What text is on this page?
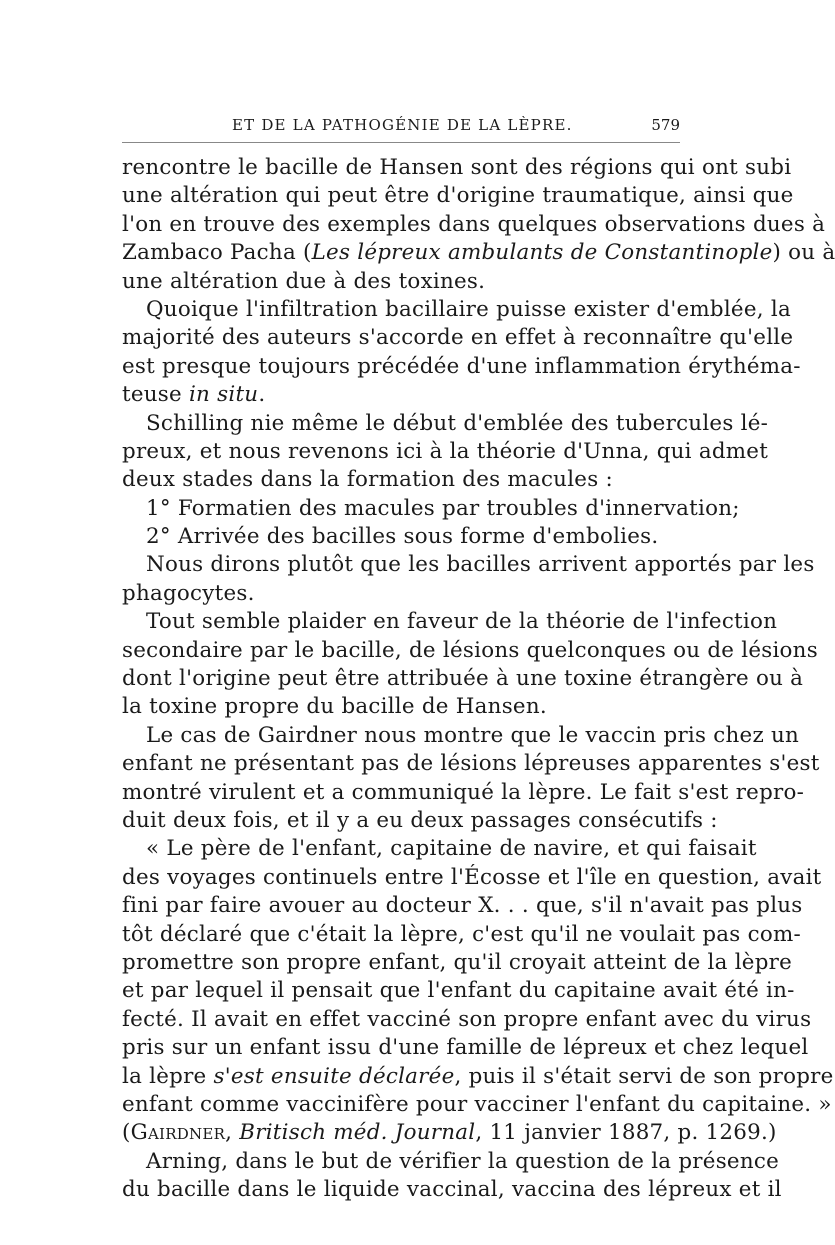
ET DE LA PATHOGÉNIE DE LA LÈPRE.	579
rencontre le bacille de Hansen sont des régions qui ont subi
une altération qui peut être d'origine traumatique, ainsi que
l'on en trouve des exemples dans quelques observations dues à
Zambaco Pacha (Les lépreux ambulants de Constantinople) ou à
une altération due à des toxines.
Quoique l'infiltration bacillaire puisse exister d'emblée, la
majorité des auteurs s'accorde en effet à reconnaître qu'elle
est presque toujours précédée d'une inflammation érythéma-
teuse in situ.
Schilling nie même le début d'emblée des tubercules lé-
preux, et nous revenons ici à la théorie d'Unna, qui admet
deux stades dans la formation des macules :
1° Formatien des macules par troubles d'innervation;
2° Arrivée des bacilles sous forme d'embolies.
Nous dirons plutôt que les bacilles arrivent apportés par les
phagocytes.
Tout semble plaider en faveur de la théorie de l'infection
secondaire par le bacille, de lésions quelconques ou de lésions
dont l'origine peut être attribuée à une toxine étrangère ou à
la toxine propre du bacille de Hansen.
Le cas de Gairdner nous montre que le vaccin pris chez un
enfant ne présentant pas de lésions lépreuses apparentes s'est
montré virulent et a communiqué la lèpre. Le fait s'est repro-
duit deux fois, et il y a eu deux passages consécutifs :
« Le père de l'enfant, capitaine de navire, et qui faisait
des voyages continuels entre l'Écosse et l'île en question, avait
fini par faire avouer au docteur X. . . que, s'il n'avait pas plus
tôt déclaré que c'était la lèpre, c'est qu'il ne voulait pas com-
promettre son propre enfant, qu'il croyait atteint de la lèpre
et par lequel il pensait que l'enfant du capitaine avait été in-
fecté. Il avait en effet vacciné son propre enfant avec du virus
pris sur un enfant issu d'une famille de lépreux et chez lequel
la lèpre s'est ensuite déclarée, puis il s'était servi de son propre
enfant comme vaccinifère pour vacciner l'enfant du capitaine. »
(Gairdner, Britisch méd. Journal, 11 janvier 1887, p. 1269.)
Arning, dans le but de vérifier la question de la présence
du bacille dans le liquide vaccinal, vaccina des lépreux et il
